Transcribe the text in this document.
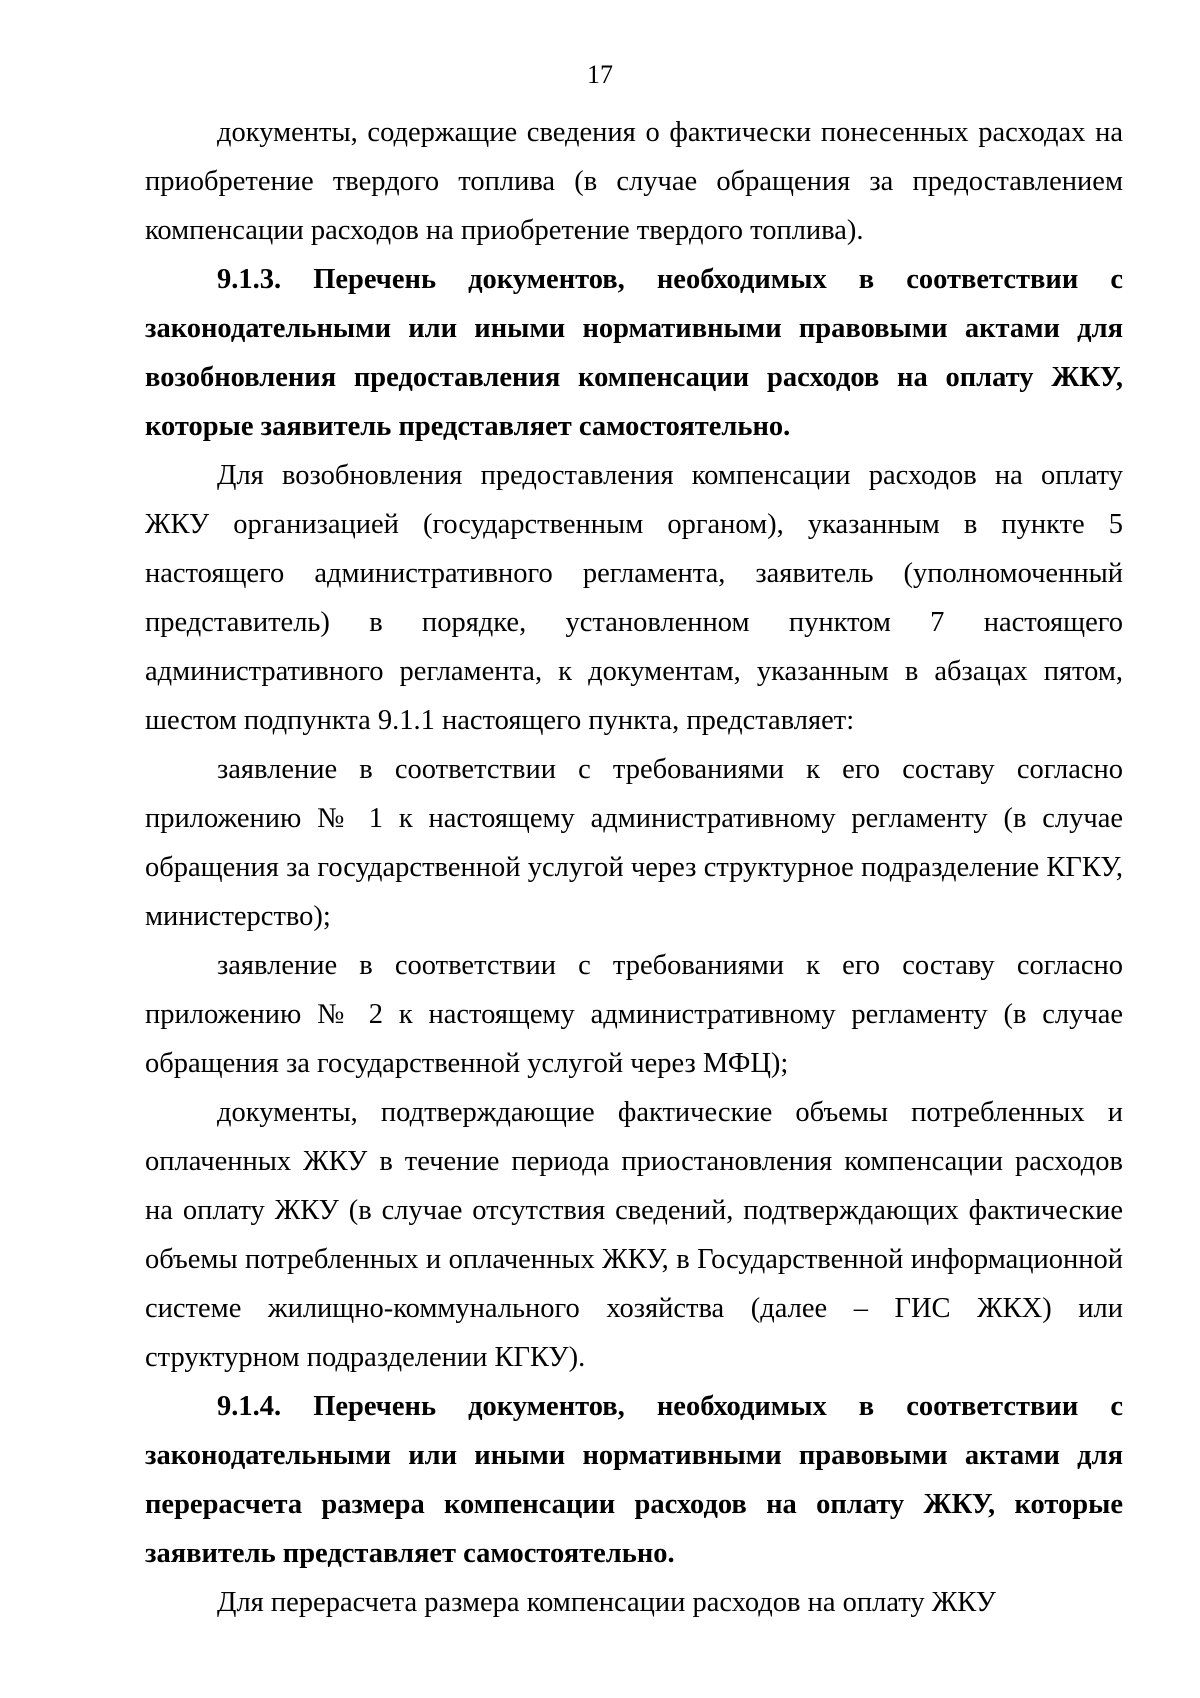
17

документы, содержащие сведения о фактически понесенных расходах на приобретение твердого топлива (в случае обращения за предоставлением компенсации расходов на приобретение твердого топлива).

9.1.3. Перечень документов, необходимых в соответствии с законодательными или иными нормативными правовыми актами для возобновления предоставления компенсации расходов на оплату ЖКУ, которые заявитель представляет самостоятельно.

Для возобновления предоставления компенсации расходов на оплату ЖКУ организацией (государственным органом), указанным в пункте 5 настоящего административного регламента, заявитель (уполномоченный представитель) в порядке, установленном пунктом 7 настоящего административного регламента, к документам, указанным в абзацах пятом, шестом подпункта 9.1.1 настоящего пункта, представляет:

заявление в соответствии с требованиями к его составу согласно приложению № 1 к настоящему административному регламенту (в случае обращения за государственной услугой через структурное подразделение КГКУ, министерство);

заявление в соответствии с требованиями к его составу согласно приложению № 2 к настоящему административному регламенту (в случае обращения за государственной услугой через МФЦ);

документы, подтверждающие фактические объемы потребленных и оплаченных ЖКУ в течение периода приостановления компенсации расходов на оплату ЖКУ (в случае отсутствия сведений, подтверждающих фактические объемы потребленных и оплаченных ЖКУ, в Государственной информационной системе жилищно-коммунального хозяйства (далее – ГИС ЖКХ) или структурном подразделении КГКУ).

9.1.4. Перечень документов, необходимых в соответствии с законодательными или иными нормативными правовыми актами для перерасчета размера компенсации расходов на оплату ЖКУ, которые заявитель представляет самостоятельно.

Для перерасчета размера компенсации расходов на оплату ЖКУ
